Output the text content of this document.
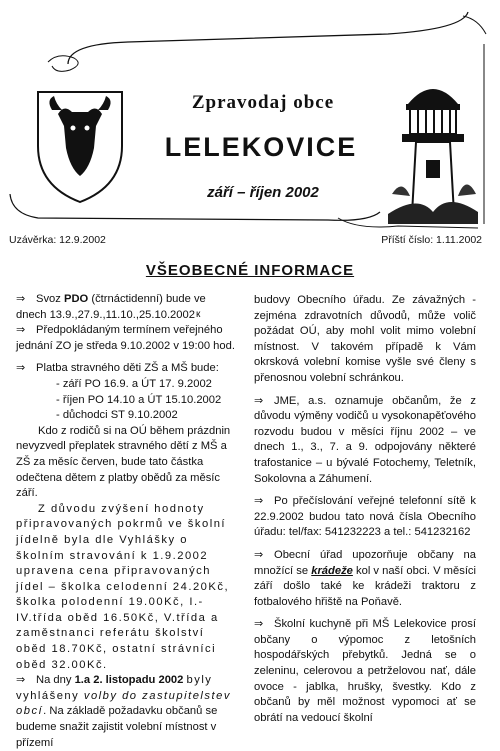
Zpravodaj obce
LELEKOVICE
září – říjen 2002
Uzávěrka: 12.9.2002	Příští číslo: 1.11.2002
VŠEOBECNÉ INFORMACE

⇒ Svoz PDO (čtrnáctidenní) bude ve dnech 13.9.,27.9.,11.10.,25.10.2002

⇒ Předpokládaným termínem veřejného jednání ZO je středa 9.10.2002 v 19:00 hod.

⇒ Platba stravného děti ZŠ a MŠ bude:

- září PO 16.9. a ÚT 17. 9.2002

- říjen PO 14.10 a ÚT 15.10.2002

- důchodci ST 9.10.2002

Kdo z rodičů si na OÚ během prázdnin nevyzvedl přeplatek stravného dětí z MŠ a ZŠ za měsíc červen, bude tato částka odečtena dětem z platby obědů za měsíc září.

Z důvodu zvýšení hodnoty připravovaných pokrmů ve školní jídelně byla dle Vyhlášky o školním stravování k 1.9.2002 upravena cena připravovaných jídel – školka celodenní 24.20Kč, školka polodenní 19.00Kč, I.-IV.třída oběd 16.50Kč, V.třída a zaměstnanci referátu školství oběd 18.70Kč, ostatní strávníci oběd 32.00Kč.

⇒ Na dny 1.a 2. listopadu 2002 byly vyhlášeny volby do zastupitelstev obcí. Na základě požadavku občanů se budeme snažit zajistit volební místnost v přízemí

к

budovy Obecního úřadu. Ze závažných - zejména zdravotních důvodů, může volič požádat OÚ, aby mohl volit mimo volební místnost. V takovém případě k Vám okrsková volební komise vyšle své členy s přenosnou volební schránkou.

⇒ JME, a.s. oznamuje občanům, že z důvodu výměny vodičů u vysokonapěťového rozvodu budou v měsíci říjnu 2002 – ve dnech 1., 3., 7. a 9. odpojovány některé trafostanice – u bývalé Fotochemy, Teletník, Sokolovna a Záhumení.

⇒ Po přečíslování veřejné telefonní sítě k 22.9.2002 budou tato nová čísla Obecního úřadu: tel/fax: 541232223 a tel.: 541232162

⇒ Obecní úřad upozorňuje občany na množící se krádeže kol v naší obci. V měsíci září došlo také ke krádeži traktoru z fotbalového hřiště na Poňavě.

⇒ Školní kuchyně při MŠ Lelekovice prosí občany o výpomoc z letošních hospodářských přebytků. Jedná se o zeleninu, celerovou a petrželovou nať, dále ovoce - jablka, hrušky, švestky. Kdo z občanů by měl možnost vypomoci ať se obrátí na vedoucí školní
